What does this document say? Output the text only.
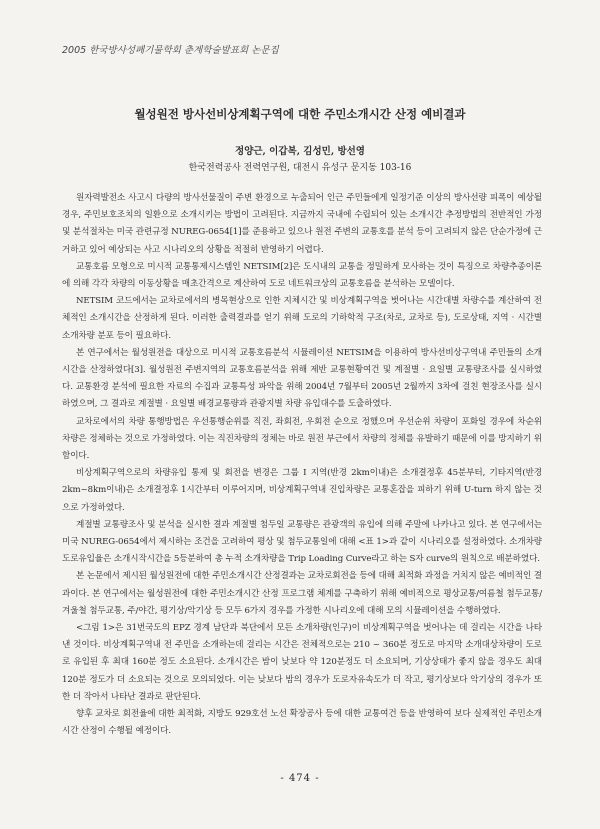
2005 한국방사성폐기물학회 춘계학술발표회 논문집
월성원전 방사선비상계획구역에 대한 주민소개시간 산정 예비결과
정양근, 이갑복, 김성민, 방선영
한국전력공사 전력연구원, 대전시 유성구 문지동 103-16

원자력발전소 사고시 다량의 방사선물질이 주변 환경으로 누출되어 인근 주민들에게 일정기준 이상의 방사선량 피폭이 예상될 경우, 주민보호조치의 일환으로 소개시키는 방법이 고려된다. 지금까지 국내에 수립되어 있는 소개시간 추정방법의 전반적인 가정 및 분석절차는 미국 관련규정 NUREG-0654[1]를 준용하고 있으나 원전 주변의 교통호를 분석 등이 고려되지 않은 단순가정에 근거하고 있어 예상되는 사고 시나리오의 상황을 적절히 반영하기 어렵다.

교통호름 모형으로 미시적 교통통제시스템인 NETSIM[2]은 도시내의 교통을 정밀하게 모사하는 것이 특징으로 차량추종이론에 의해 각각 차량의 이동상황을 매초간격으로 계산하여 도로 네트워크상의 교통호름을 분석하는 모델이다.

NETSIM 코드에서는 교차로에서의 병목현상으로 인한 지체시간 및 비상계획구역을 벗어나는 시간대별 차량수를 계산하여 전체적인 소개시간을 산정하게 된다. 이러한 출력결과를 얻기 위해 도로의 기하학적 구조(차로, 교차로 등), 도로상태, 지역 · 시간별 소개차량 분포 등이 필요하다.

본 연구에서는 월성원전을 대상으로 미시적 교통호름분석 시뮬레이션 NETSIM을 이용하여 방사선비상구역내 주민들의 소개시간을 산정하였다[3]. 월성원전 주변지역의 교통호름분석을 위해 제반 교통현황여건 및 계절별 · 요일별 교통량조사를 실시하였다. 교통환경 분석에 필요한 자료의 수집과 교통특성 파악을 위해 2004년 7월부터 2005년 2월까지 3차에 걸친 현장조사를 실시하였으며, 그 결과로 계절별 · 요일별 배경교통량과 관광지별 차량 유입대수를 도출하였다.

교차로에서의 차량 통행방법은 우선통행순위를 직진, 좌회전, 우회전 순으로 정했으며 우선순위 차량이 포화일 경우에 차순위 차량은 정체하는 것으로 가정하였다. 이는 직진차량의 정체는 바로 원전 부근에서 차량의 정체를 유발하기 때문에 이를 방지하기 위함이다.

비상계획구역으로의 차량유입 통제 및 회전을 변경은 그룹 I 지역(반경 2km이내)은 소개결정후 45분부터, 기타지역(반경 2km~8km이내)은 소개결정후 1시간부터 이루어지며, 비상계획구역내 진입차량은 교통혼잡을 피하기 위해 U-turn 하지 않는 것으로 가정하였다.

계절별 교통량조사 및 분석을 실시한 결과 계절별 첨두일 교통량은 관광객의 유입에 의해 주말에 나카나고 있다. 본 연구에서는 미국 NUREG-0654에서 제시하는 조건을 고려하여 평상 및 첨두교통일에 대해 <표 1>과 같이 시나리오를 설정하였다. 소개차량 도로유입율은 소개시작시간을 5등분하여 총 누적 소개차량을 Trip Loading Curve라고 하는 S자 curve의 원칙으로 배분하였다.

본 논문에서 제시된 월성원전에 대한 주민소개시간 산정결과는 교차로회전을 등에 대해 최적화 과정을 거치지 않은 예비적인 결과이다. 본 연구에서는 월성원전에 대한 주민소개시간 산정 프로그램 체계를 구축하기 위해 예비적으로 평상교통/여름철 첨두교통/겨울철 첨두교통, 주/야간, 평기상/악기상 등 모두 6가지 경우를 가정한 시나리오에 대해 모의 시뮬레이션을 수행하였다.

<그림 1>은 31번국도의 EPZ 경계 남단과 북단에서 모든 소개차량(인구)이 비상계획구역을 벗어나는 데 걸리는 시간을 나타낸 것이다. 비상계획구역내 전 주민을 소개하는데 걸리는 시간은 전체적으로는 210 ~ 360분 정도로 마지막 소개대상차량이 도로로 유입된 후 최대 160분 정도 소요된다. 소개시간은 밤이 낮보다 약 120분정도 더 소요되며, 기상상태가 좋지 않을 경우도 최대 120분 정도가 더 소요되는 것으로 모의되었다. 이는 낮보다 밤의 경우가 도로자유속도가 더 작고, 평기상보다 악기상의 경우가 또한 더 작아서 나타난 결과로 판단된다.

향후 교차로 회전율에 대한 최적화, 지방도 929호선 노선 확장공사 등에 대한 교통여건 등을 반영하여 보다 실제적인 주민소개시간 산정이 수행될 예정이다.

- 474 -
